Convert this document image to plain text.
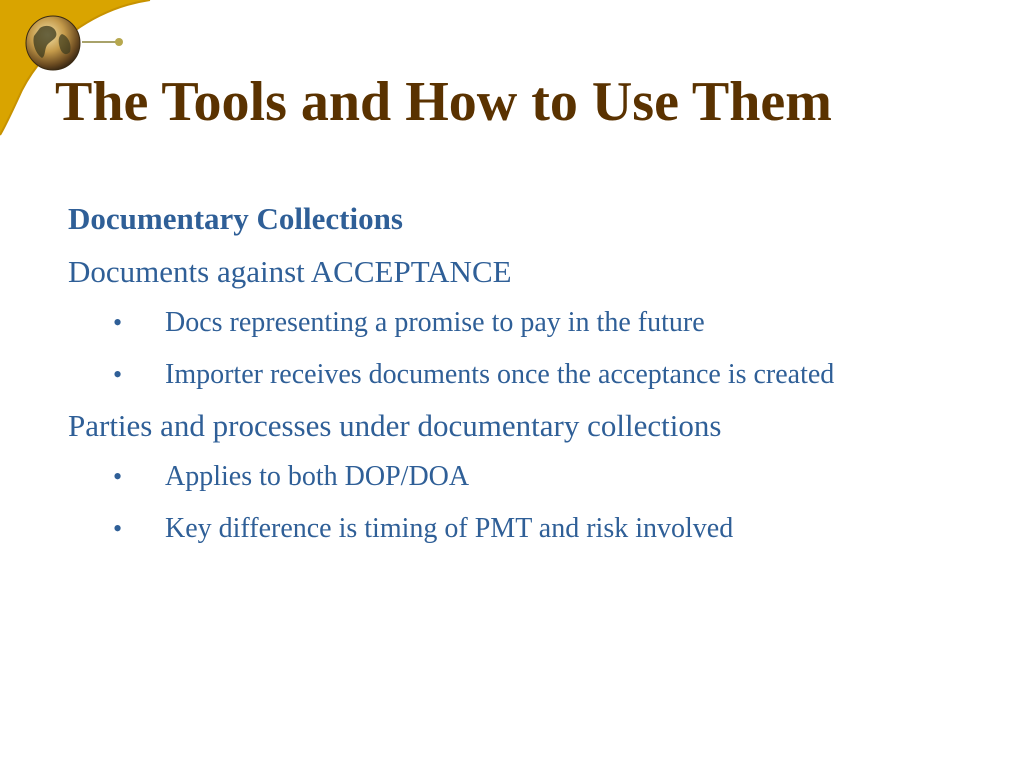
The Tools and How to Use Them
Documentary Collections
Documents against ACCEPTANCE
• Docs representing a promise to pay in the future
• Importer receives documents once the acceptance is created
Parties and processes under documentary collections
• Applies to both DOP/DOA
• Key difference is timing of PMT and risk involved
